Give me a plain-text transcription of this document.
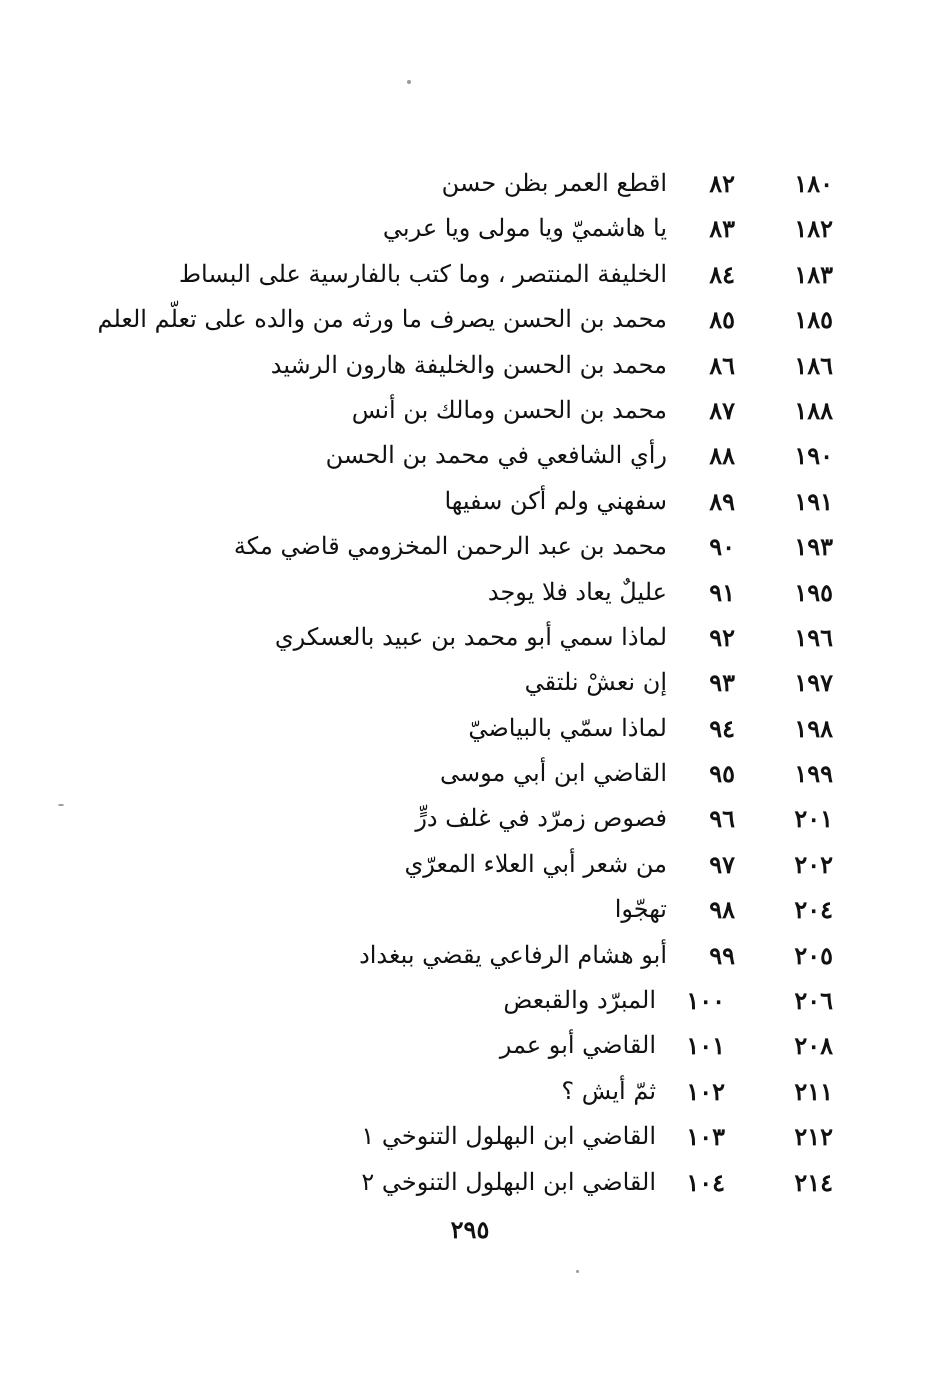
١٨٠
٨٢
اقطع العمر بظن حسن
١٨٢
٨٣
يا هاشميّ ويا مولى ويا عربي
١٨٣
٨٤
الخليفة المنتصر ، وما كتب بالفارسية على البساط
١٨٥
٨٥
محمد بن الحسن يصرف ما ورثه من والده على تعلّم العلم
١٨٦
٨٦
محمد بن الحسن والخليفة هارون الرشيد
١٨٨
٨٧
محمد بن الحسن ومالك بن أنس
١٩٠
٨٨
رأي الشافعي في محمد بن الحسن
١٩١
٨٩
سفهني ولم أكن سفيها
١٩٣
٩٠
محمد بن عبد الرحمن المخزومي قاضي مكة
١٩٥
٩١
عليلٌ يعاد فلا يوجد
١٩٦
٩٢
لماذا سمي أبو محمد بن عبيد بالعسكري
١٩٧
٩٣
إن نعشْ نلتقي
١٩٨
٩٤
لماذا سمّي بالبياضيّ
١٩٩
٩٥
القاضي ابن أبي موسى
٢٠١
٩٦
فصوص زمرّد في غلف درٍّ
٢٠٢
٩٧
من شعر أبي العلاء المعرّي
٢٠٤
٩٨
تهجّوا
٢٠٥
٩٩
أبو هشام الرفاعي يقضي ببغداد
٢٠٦
١٠٠
المبرّد والقبعض
٢٠٨
١٠١
القاضي أبو عمر
٢١١
١٠٢
ثمّ أيش ؟
٢١٢
١٠٣
القاضي ابن البهلول التنوخي ١
٢١٤
١٠٤
القاضي ابن البهلول التنوخي ٢
٢٩٥
